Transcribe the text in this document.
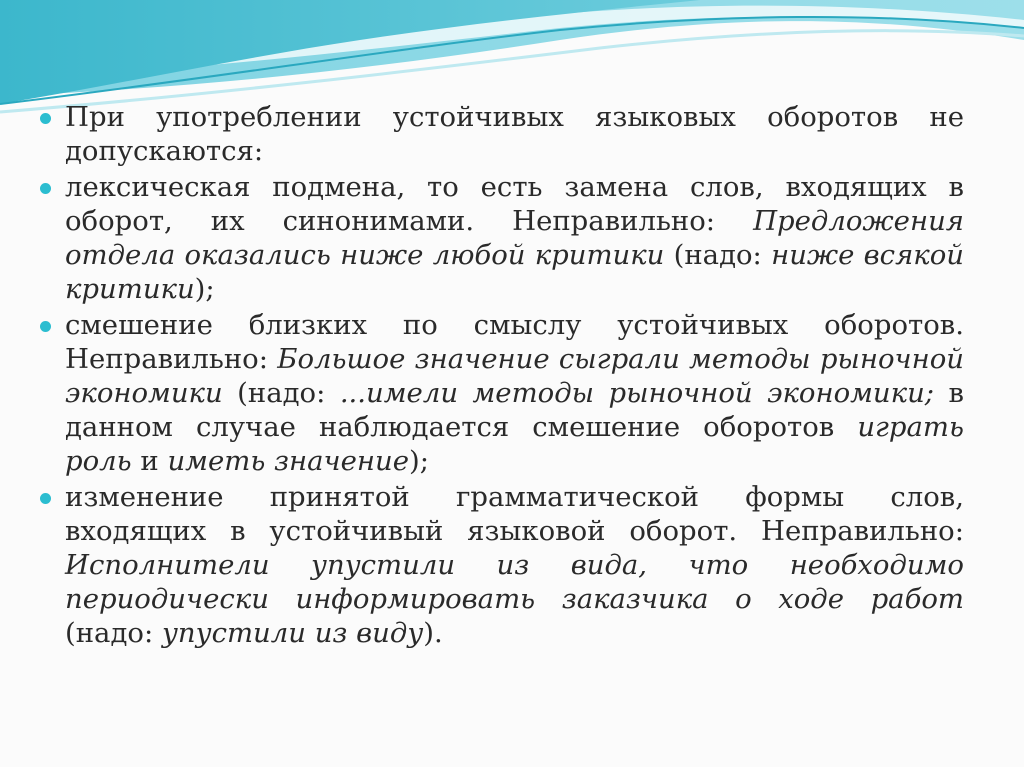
При употреблении устойчивых языковых оборотов не допускаются:
лексическая подмена, то есть замена слов, входящих в оборот, их синонимами. Неправильно: Предложения отдела оказались ниже любой критики (надо: ниже всякой критики);
смешение близких по смыслу устойчивых оборотов. Неправильно: Большое значение сыграли методы рыночной экономики (надо: ...имели методы рыночной экономики; в данном случае наблюдается смешение оборотов играть роль и иметь значение);
изменение принятой грамматической формы слов, входящих в устойчивый языковой оборот. Неправильно: Исполнители упустили из вида, что необходимо периодически информировать заказчика о ходе работ (надо: упустили из виду).
